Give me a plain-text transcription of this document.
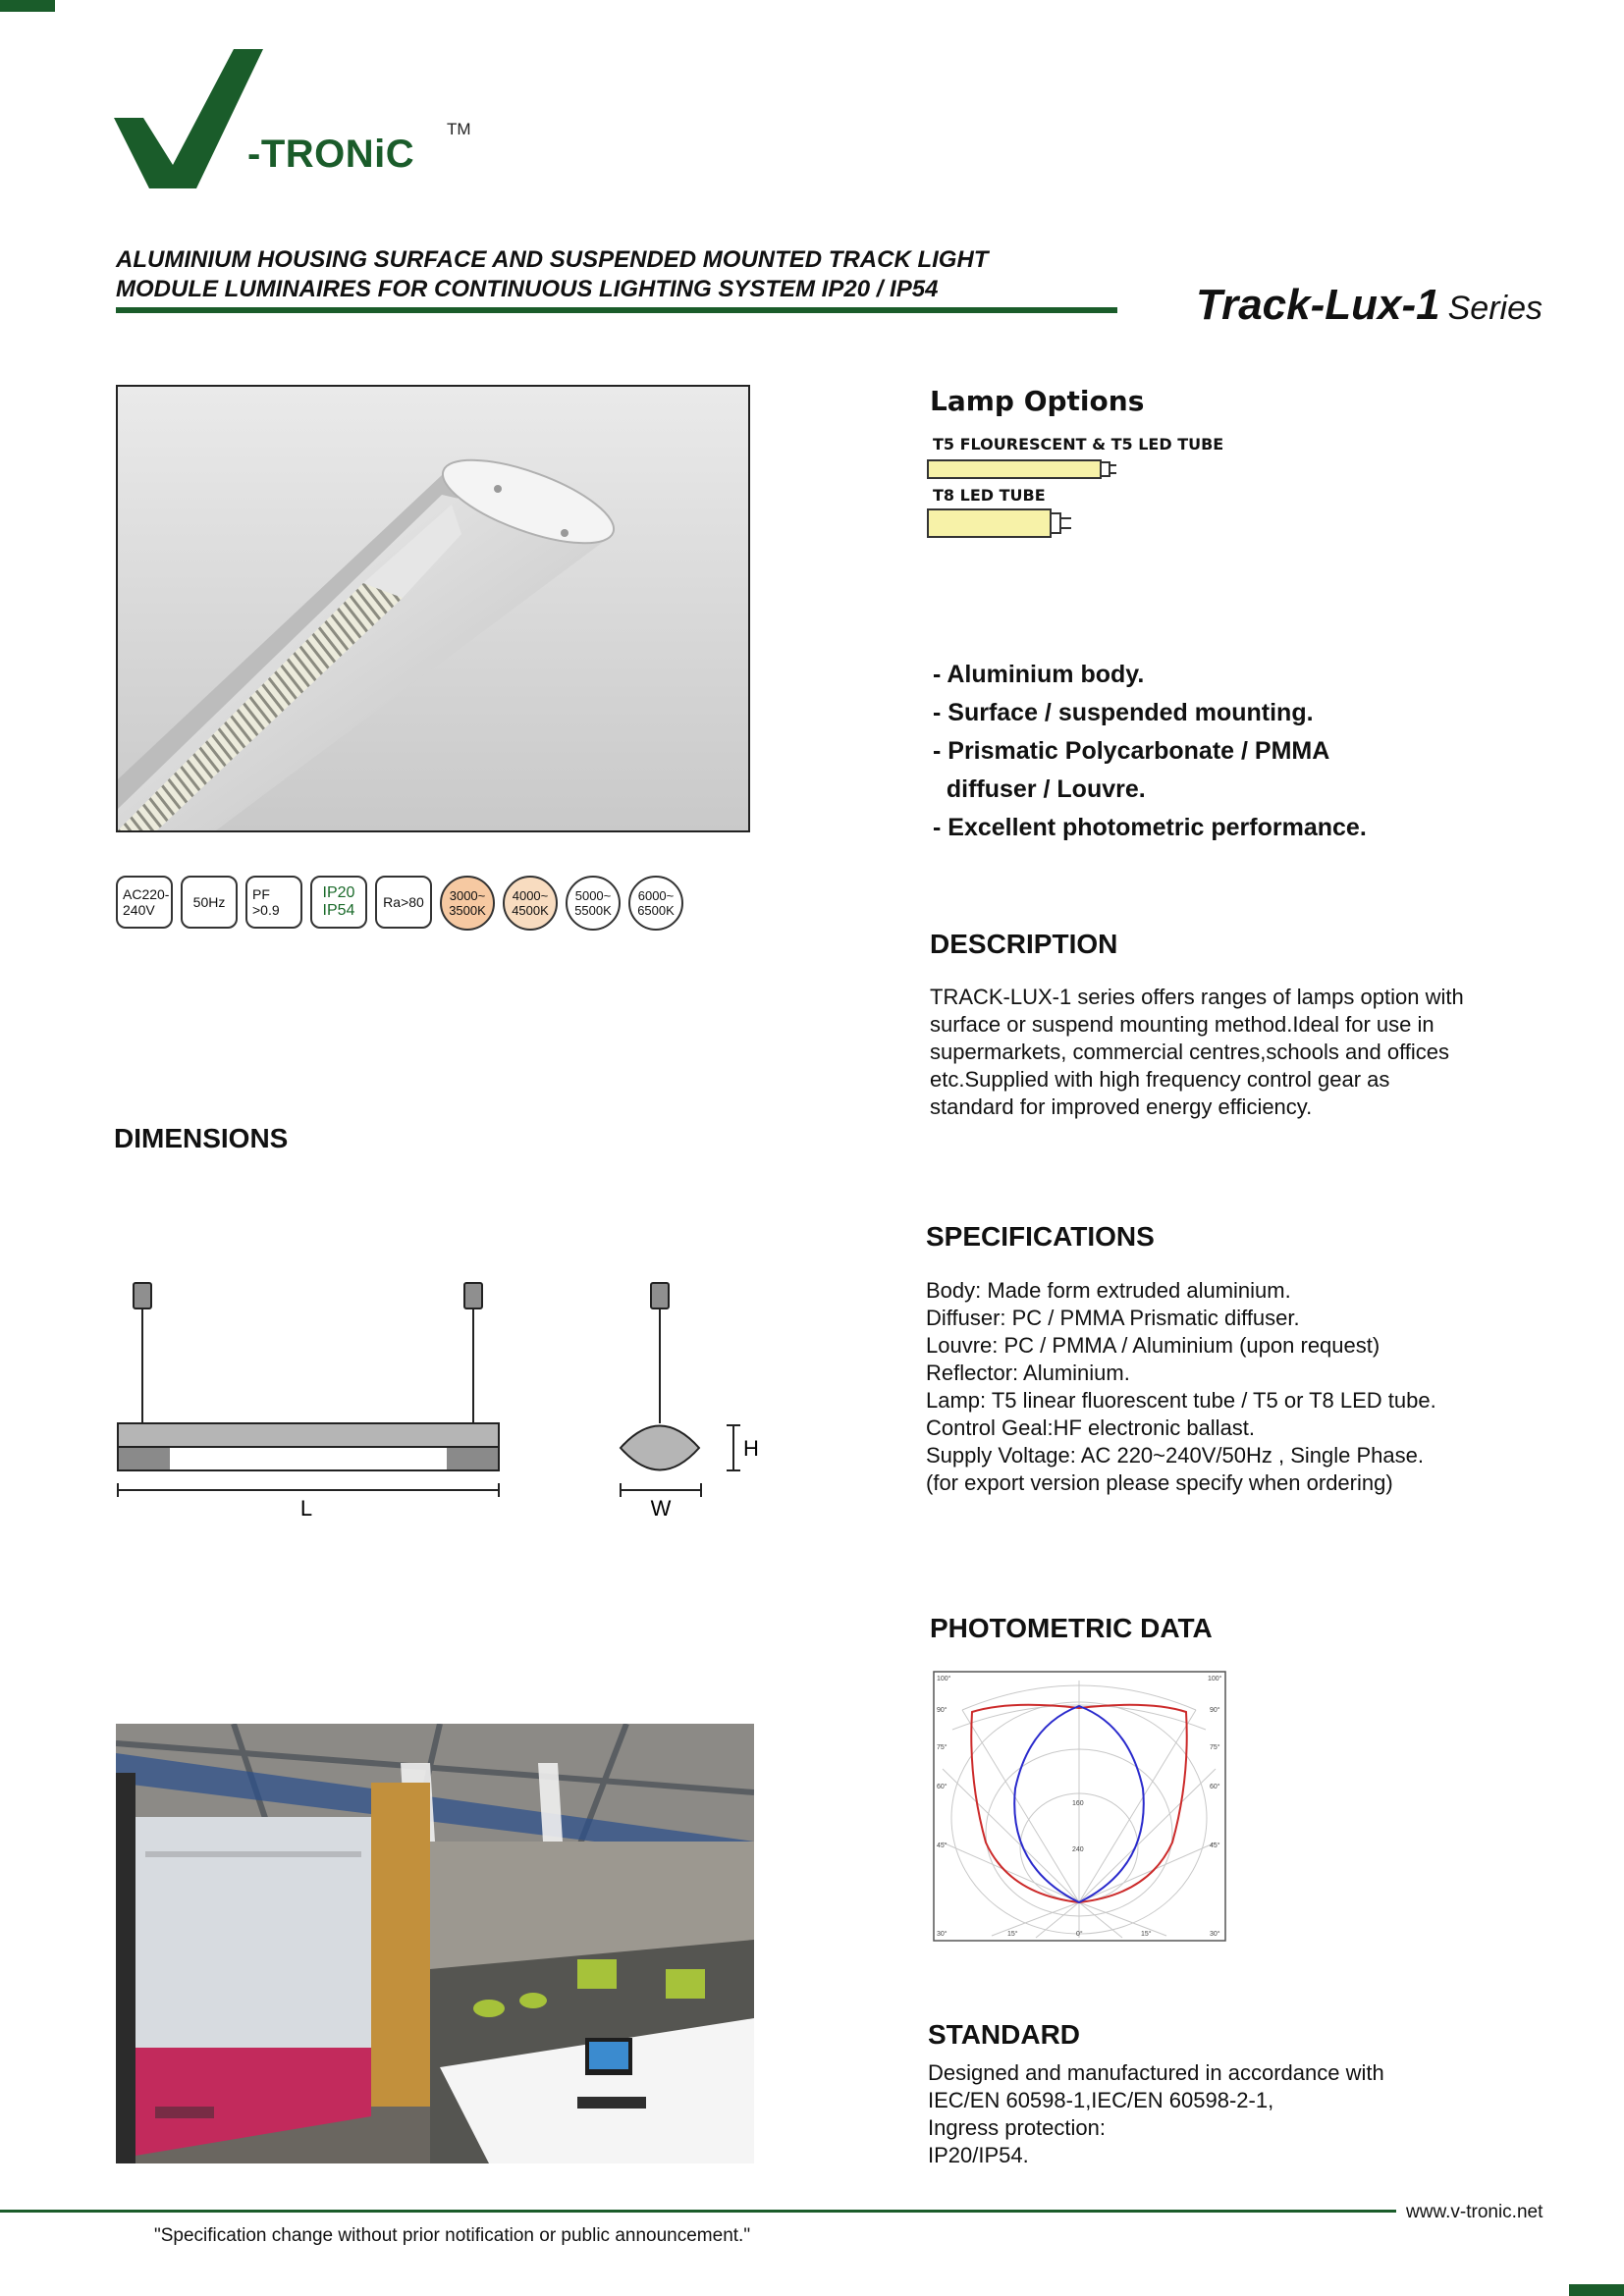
-TRONiC
TM
ALUMINIUM HOUSING SURFACE AND SUSPENDED MOUNTED TRACK LIGHT
MODULE LUMINAIRES FOR CONTINUOUS LIGHTING SYSTEM IP20 / IP54	Track-Lux-1 Series
AC220-
240V	50Hz PF
>0.9
IP20
IP54 Ra>80 3000~
3500K
4000~
4500K
5000~
5500K
6000~
6500K
Lamp Options
T5 FLOURESCENT & T5 LED TUBE
T8 LED TUBE
- Aluminium body.
- Surface / suspended mounting.
- Prismatic Polycarbonate / PMMA
diffuser / Louvre.
- Excellent photometric performance.
DESCRIPTION
TRACK-LUX-1 series offers ranges of lamps option with
surface or suspend mounting method.Ideal for use in
supermarkets, commercial centres,schools and offices
etc.Supplied with high frequency control gear as
standard for improved energy efficiency.
DIMENSIONS
L
H
W
SPECIFICATIONS
Body: Made form extruded aluminium.
Diffuser: PC / PMMA Prismatic diffuser.
Louvre: PC / PMMA / Aluminium (upon request)
Reflector: Aluminium.
Lamp: T5 linear fluorescent tube / T5 or T8 LED tube.
Control Geal:HF electronic ballast.
Supply Voltage: AC 220~240V/50Hz , Single Phase.
(for export version please specify when ordering)
PHOTOMETRIC DATA
100°
90°
75°
60°
45°
100°
90°
75°
60°
45°
30°	15°	0°	15°	30°
160
240
STANDARD
Designed and manufactured in accordance with
IEC/EN 60598-1,IEC/EN 60598-2-1,
Ingress protection:
IP20/IP54.
www.v-tronic.net
"Specification change without prior notification or public announcement."
